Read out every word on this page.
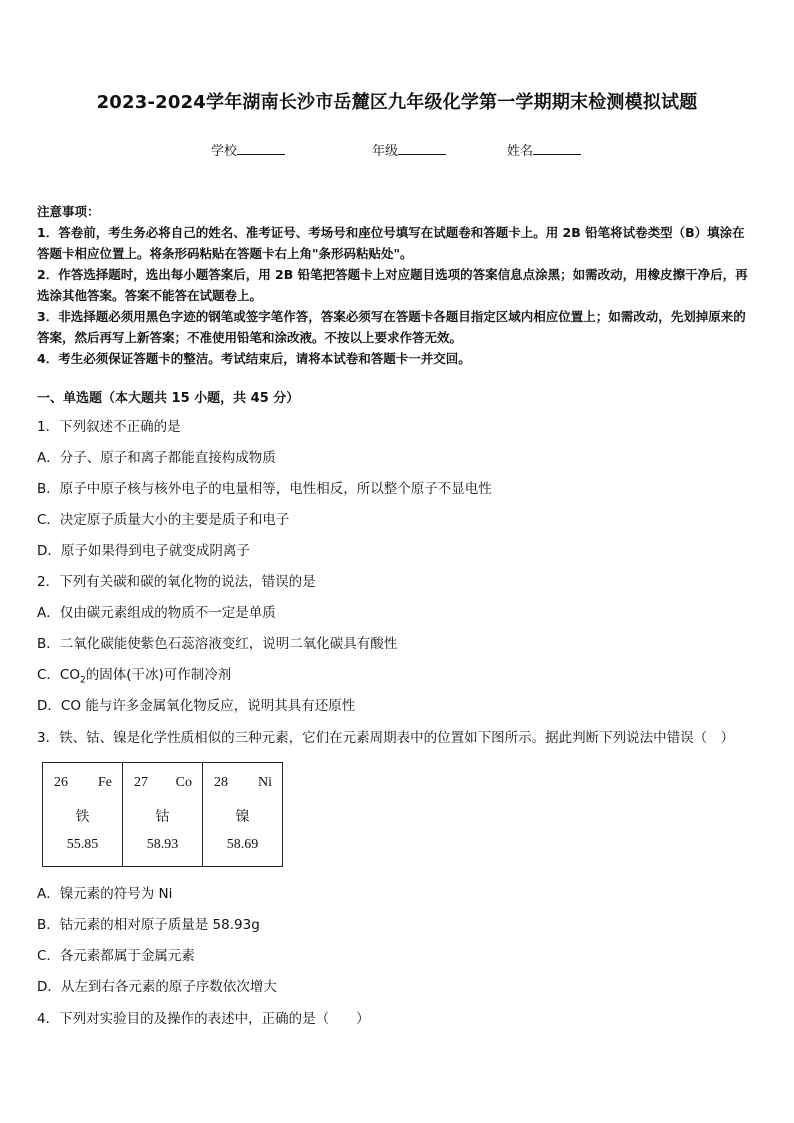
2023-2024学年湖南长沙市岳麓区九年级化学第一学期期末检测模拟试题
学校	年级	姓名

注意事项：

1．答卷前，考生务必将自己的姓名、准考证号、考场号和座位号填写在试题卷和答题卡上。用 2B 铅笔将试卷类型（B）填涂在答题卡相应位置上。将条形码粘贴在答题卡右上角"条形码粘贴处"。

2．作答选择题时，选出每小题答案后，用 2B 铅笔把答题卡上对应题目选项的答案信息点涂黑；如需改动，用橡皮擦干净后，再选涂其他答案。答案不能答在试题卷上。

3．非选择题必须用黑色字迹的钢笔或签字笔作答，答案必须写在答题卡各题目指定区域内相应位置上；如需改动，先划掉原来的答案，然后再写上新答案；不准使用铅笔和涂改液。不按以上要求作答无效。

4．考生必须保证答题卡的整洁。考试结束后，请将本试卷和答题卡一并交回。

一、单选题（本大题共 15 小题，共 45 分）
1．下列叙述不正确的是
A．分子、原子和离子都能直接构成物质
B．原子中原子核与核外电子的电量相等，电性相反，所以整个原子不显电性
C．决定原子质量大小的主要是质子和电子
D．原子如果得到电子就变成阴离子
2．下列有关碳和碳的氧化物的说法，错误的是
A．仅由碳元素组成的物质不一定是单质
B．二氧化碳能使紫色石蕊溶液变红，说明二氧化碳具有酸性
C．$CO_2$的固体(干冰)可作制冷剂
D．CO 能与许多金属氧化物反应，说明其具有还原性
3．铁、钴、镍是化学性质相似的三种元素，它们在元素周期表中的位置如下图所示。据此判断下列说法中错误（　）
26 Fe
铁
55.85

27 Co
钴
58.93

28 Ni
镍
58.69
A．镍元素的符号为 Ni
B．钴元素的相对原子质量是 58.93g
C．各元素都属于金属元素
D．从左到右各元素的原子序数依次增大
4．下列对实验目的及操作的表述中，正确的是（　　）
